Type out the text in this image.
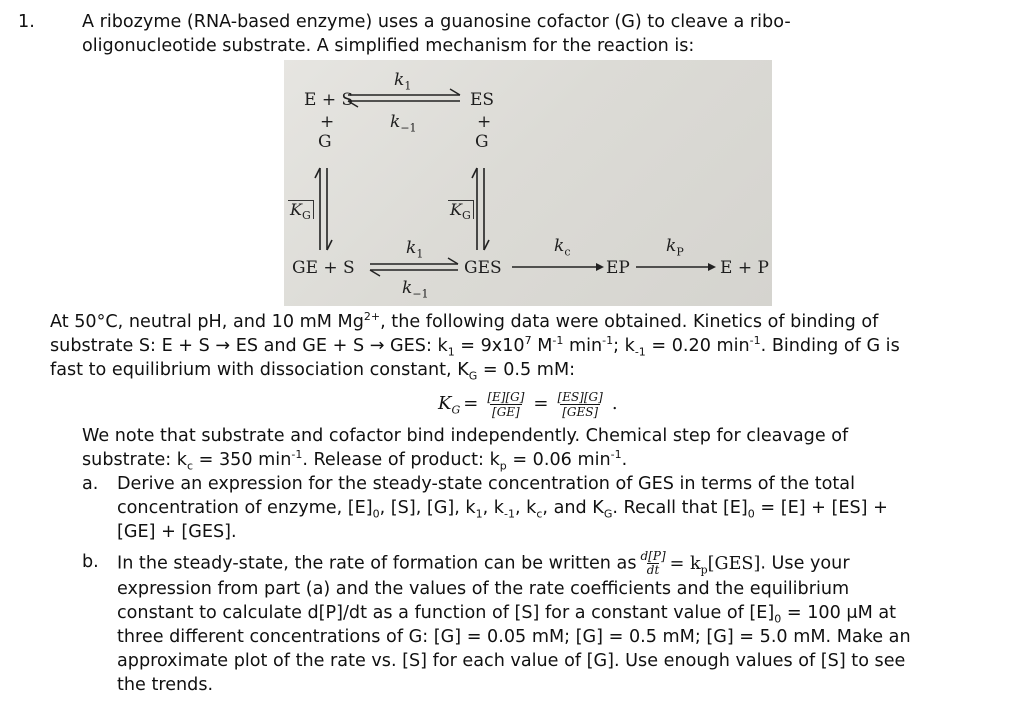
1.	A ribozyme (RNA-based enzyme) uses a guanosine cofactor (G) to cleave a ribo-
oligonucleotide substrate. A simplified mechanism for the reaction is:
E + S
$k_1$
$k_{-1}$
ES
+	+
G	G
$K_G$	$K_G$
GE + S
$k_1$
$k_{-1}$
GES
$k_c$
EP
$k_P$
E + P
At 50°C, neutral pH, and 10 mM $Mg^{2+}$, the following data were obtained. Kinetics of binding of
substrate S: E + S → ES and GE + S → GES: $k_1 = 9x10^7$ $M^{-1}$ $\min^{-1}$; $k_{-1} = 0.20$ $\min^{-1}$. Binding of G is
fast to equilibrium with dissociation constant, $K_G = 0.5$ mM:
$K_G = \frac{[E][G]}{[GE]} = \frac{[ES][G]}{\text{[GES]}}$ .
We note that substrate and cofactor bind independently. Chemical step for cleavage of
substrate: $k_c = 350$ $\min^{-1}$. Release of product: $k_p = 0.06$ $\min^{-1}$.
a. Derive an expression for the steady-state concentration of GES in terms of the total
concentration of enzyme, $[E]_0$, [S], [G], $k_1$, $k_{-1}$, $k_c$, and $K_G$. Recall that $[E]_0 = [E] + [ES]$ +
[GE] + [GES].
b. In the steady-state, the rate of formation can be written as $\frac{d[P]}{dt} = k_p[GES]$. Use your
expression from part (a) and the values of the rate coefficients and the equilibrium
constant to calculate d[P]/dt as a function of [S] for a constant value of $[E]_0 = 100$ μM at
three different concentrations of G: [G] = 0.05 mM; [G] = 0.5 mM; [G] = 5.0 mM. Make an
approximate plot of the rate vs. [S] for each value of [G]. Use enough values of [S] to see
the trends.
